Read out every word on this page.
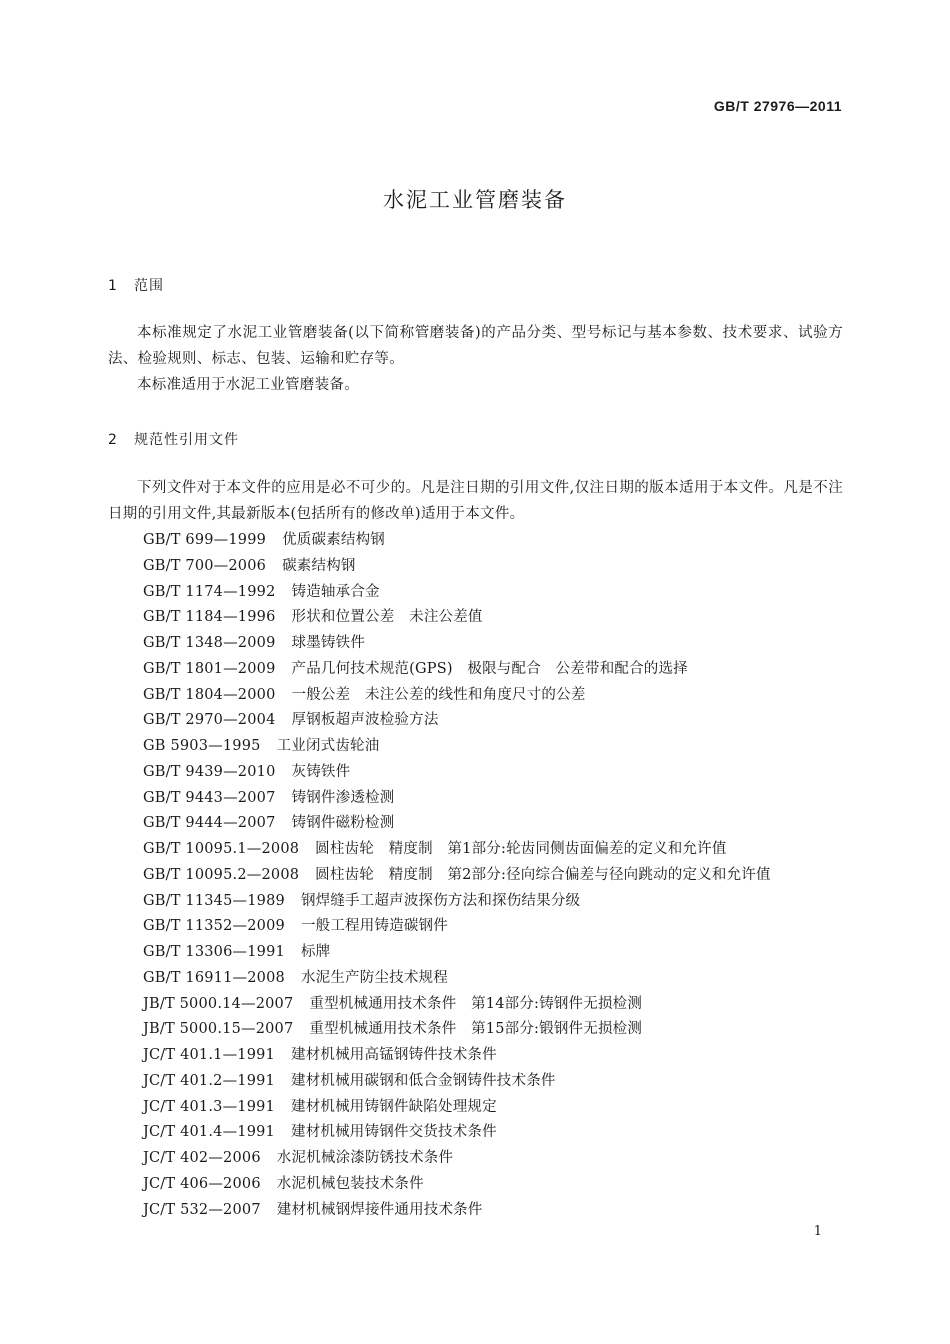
GB/T 27976—2011
水泥工业管磨装备
1 范围
本标准规定了水泥工业管磨装备(以下简称管磨装备)的产品分类、型号标记与基本参数、技术要求、试验方法、检验规则、标志、包装、运输和贮存等。
本标准适用于水泥工业管磨装备。
2 规范性引用文件
下列文件对于本文件的应用是必不可少的。凡是注日期的引用文件,仅注日期的版本适用于本文件。凡是不注日期的引用文件,其最新版本(包括所有的修改单)适用于本文件。
GB/T 699—1999 优质碳素结构钢
GB/T 700—2006 碳素结构钢
GB/T 1174—1992 铸造轴承合金
GB/T 1184—1996 形状和位置公差　未注公差值
GB/T 1348—2009 球墨铸铁件
GB/T 1801—2009 产品几何技术规范(GPS)　极限与配合　公差带和配合的选择
GB/T 1804—2000 一般公差　未注公差的线性和角度尺寸的公差
GB/T 2970—2004 厚钢板超声波检验方法
GB 5903—1995 工业闭式齿轮油
GB/T 9439—2010 灰铸铁件
GB/T 9443—2007 铸钢件渗透检测
GB/T 9444—2007 铸钢件磁粉检测
GB/T 10095.1—2008 圆柱齿轮　精度制　第1部分:轮齿同侧齿面偏差的定义和允许值
GB/T 10095.2—2008 圆柱齿轮　精度制　第2部分:径向综合偏差与径向跳动的定义和允许值
GB/T 11345—1989 钢焊缝手工超声波探伤方法和探伤结果分级
GB/T 11352—2009 一般工程用铸造碳钢件
GB/T 13306—1991 标牌
GB/T 16911—2008 水泥生产防尘技术规程
JB/T 5000.14—2007 重型机械通用技术条件　第14部分:铸钢件无损检测
JB/T 5000.15—2007 重型机械通用技术条件　第15部分:锻钢件无损检测
JC/T 401.1—1991 建材机械用高锰钢铸件技术条件
JC/T 401.2—1991 建材机械用碳钢和低合金钢铸件技术条件
JC/T 401.3—1991 建材机械用铸钢件缺陷处理规定
JC/T 401.4—1991 建材机械用铸钢件交货技术条件
JC/T 402—2006 水泥机械涂漆防锈技术条件
JC/T 406—2006 水泥机械包装技术条件
JC/T 532—2007 建材机械钢焊接件通用技术条件
1
